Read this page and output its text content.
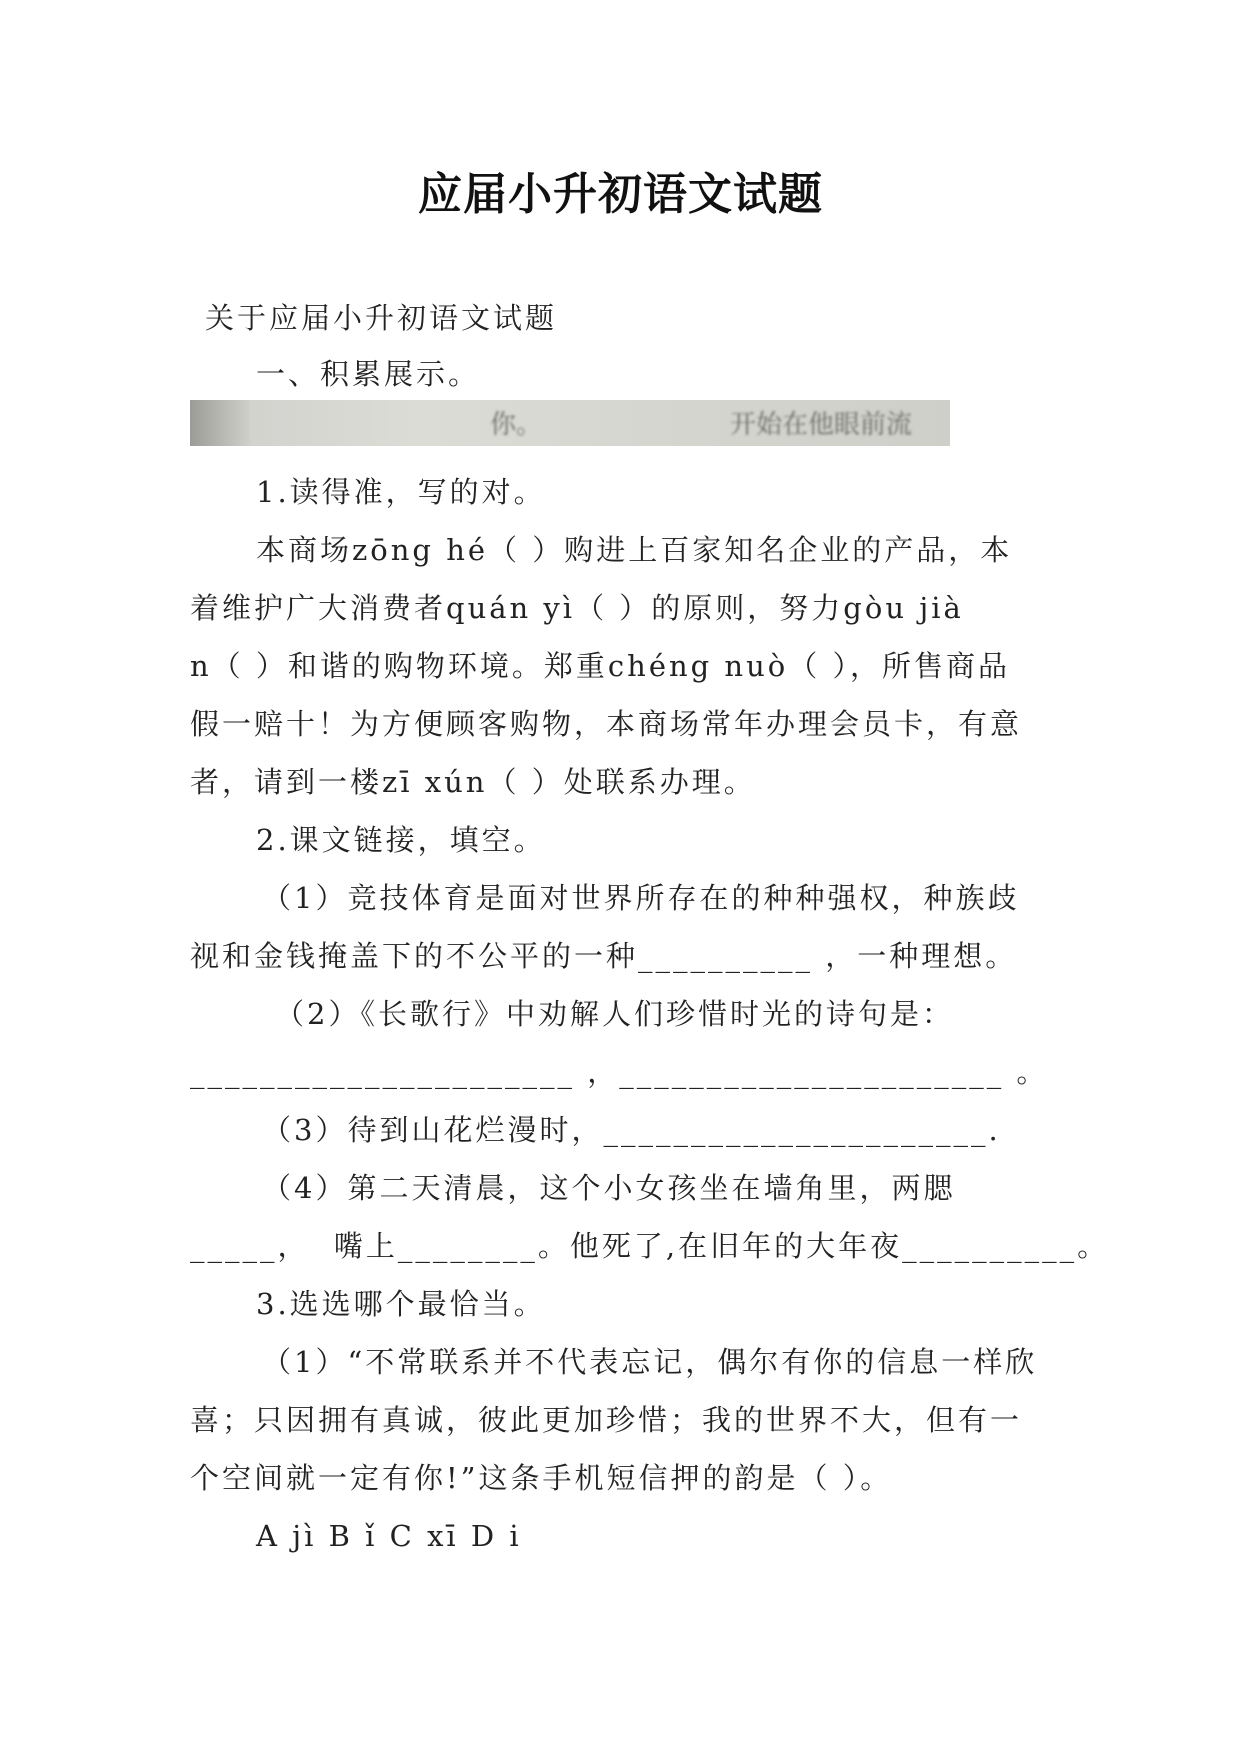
应届小升初语文试题
关于应届小升初语文试题
一、积累展示。
你。	开始在他眼前流
1.读得准，写的对。
本商场zōng hé（ ）购进上百家知名企业的产品，本
着维护广大消费者quán yì（ ）的原则，努力gòu jià
n（ ）和谐的购物环境。郑重chéng nuò（ ），所售商品
假一赔十！为方便顾客购物，本商场常年办理会员卡，有意
者，请到一楼zī xún（ ）处联系办理。
2.课文链接，填空。
（1）竞技体育是面对世界所存在的种种强权，种族歧
视和金钱掩盖下的不公平的一种__________ ，一种理想。
（2）《长歌行》中劝解人们珍惜时光的诗句是：
______________________ ，______________________ 。
（3）待到山花烂漫时，______________________.
（4）第二天清晨，这个小女孩坐在墙角里，两腮
_____，  嘴上________。他死了,在旧年的大年夜__________。
3.选选哪个最恰当。
（1）“不常联系并不代表忘记，偶尔有你的信息一样欣
喜；只因拥有真诚，彼此更加珍惜；我的世界不大，但有一
个空间就一定有你!”这条手机短信押的韵是（ ）。
A jì B ǐ C xī D i
